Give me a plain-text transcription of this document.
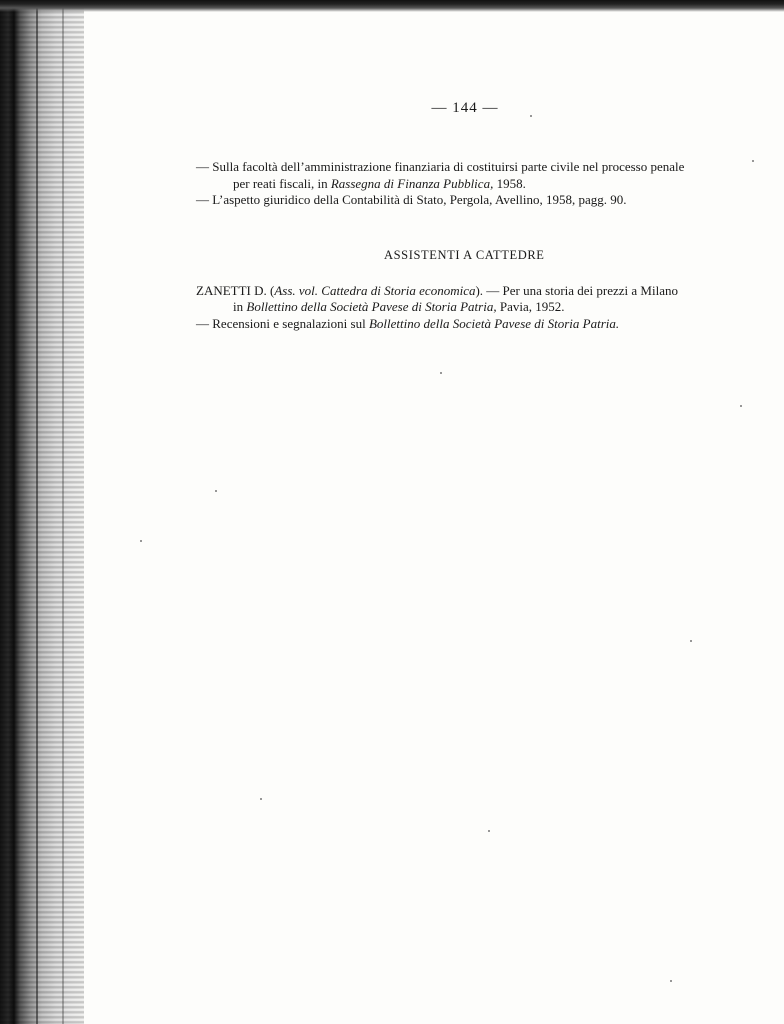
— 144 —
— Sulla facoltà dell’amministrazione finanziaria di costituirsi parte civile nel processo penale
per reati fiscali, in Rassegna di Finanza Pubblica, 1958.
— L’aspetto giuridico della Contabilità di Stato, Pergola, Avellino, 1958, pagg. 90.
ASSISTENTI A CATTEDRE
ZANETTI D. (Ass. vol. Cattedra di Storia economica). — Per una storia dei prezzi a Milano
in Bollettino della Società Pavese di Storia Patria, Pavia, 1952.
— Recensioni e segnalazioni sul Bollettino della Società Pavese di Storia Patria.
